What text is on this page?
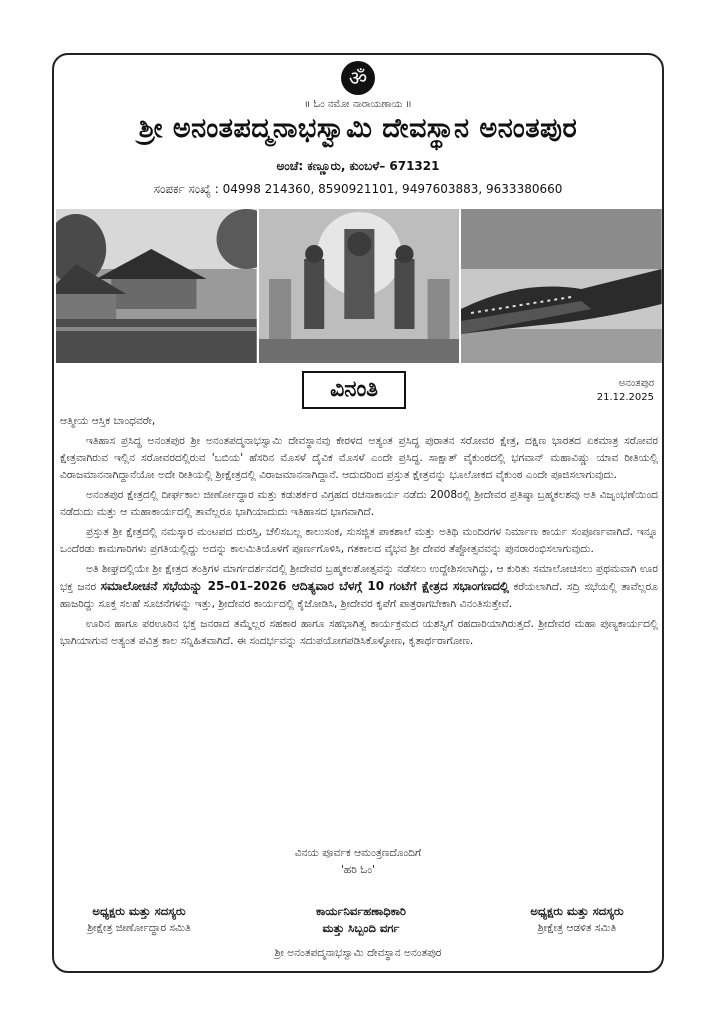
ॐ
॥ ಓಂ ನಮೋ ನಾರಾಯಣಾಯ ॥
ಶ್ರೀ ಅನಂತಪದ್ಮನಾಭಸ್ವಾಮಿ ದೇವಸ್ಥಾನ ಅನಂತಪುರ
ಅಂಚೆ: ಕಣ್ಣೂರು, ಕುಂಬಳೆ– 671321
ಸಂಪರ್ಕ ಸಂಖ್ಯೆ : 04998 214360, 8590921101, 9497603883, 9633380660
ವಿನಂತಿ	ಅನಂತಪುರ
21.12.2025

ಆತ್ಮೀಯ ಆಸ್ತಿಕ ಬಾಂಧವರೇ,

ಇತಿಹಾಸ ಪ್ರಸಿದ್ಧ ಅನಂತಪುರ ಶ್ರೀ ಅನಂತಪದ್ಮನಾಭಸ್ವಾಮಿ ದೇವಸ್ಥಾನವು ಕೇರಳದ ಅತ್ಯಂತ ಪ್ರಸಿದ್ಧ ಪುರಾತನ ಸರೋವರ ಕ್ಷೇತ್ರ, ದಕ್ಷಿಣ ಭಾರತದ ಏಕಮಾತ್ರ ಸರೋವರ ಕ್ಷೇತ್ರವಾಗಿರುವ ಇಲ್ಲಿನ ಸರೋವರದಲ್ಲಿರುವ 'ಬಬಿಯ' ಹೆಸರಿನ ಮೊಸಳೆ ದೈವಿಕ ಮೊಸಳೆ ಎಂದೇ ಪ್ರಸಿದ್ಧ. ಸಾಕ್ಷಾತ್ ವೈಕುಂಠದಲ್ಲಿ ಭಗವಾನ್ ಮಹಾವಿಷ್ಣು ಯಾವ ರೀತಿಯಲ್ಲಿ ವಿರಾಜಮಾನನಾಗಿದ್ದಾನೆಯೋ ಅದೇ ರೀತಿಯಲ್ಲಿ ಶ್ರೀಕ್ಷೇತ್ರದಲ್ಲಿ ವಿರಾಜಮಾನನಾಗಿದ್ದಾನೆ. ಆದುದರಿಂದ ಪ್ರಸ್ತುತ ಕ್ಷೇತ್ರವನ್ನು ಭೂಲೋಕದ ವೈಕುಂಠ ಎಂದೇ ಪೂಜಿಸಲಾಗುವುದು.

ಅನಂತಪುರ ಕ್ಷೇತ್ರದಲ್ಲಿ ದೀರ್ಘಕಾಲ ಜೀರ್ಣೋದ್ಧಾರ ಮತ್ತು ಕಡುಶರ್ಕರ ವಿಗ್ರಹದ ರಚನಾಕಾರ್ಯ ನಡೆದು 2008ರಲ್ಲಿ ಶ್ರೀದೇವರ ಪ್ರತಿಷ್ಠಾ ಬ್ರಹ್ಮಕಲಶವು ಅತಿ ವಿಜೃಂಭಣೆಯಿಂದ ನಡೆದುದು ಮತ್ತು ಆ ಮಹಾಕಾರ್ಯದಲ್ಲಿ ತಾವೆಲ್ಲರೂ ಭಾಗಿಯಾದುದು ಇತಿಹಾಸದ ಭಾಗವಾಗಿದೆ.

ಪ್ರಸ್ತುತ ಶ್ರೀ ಕ್ಷೇತ್ರದಲ್ಲಿ ನಮಸ್ಕಾರ ಮಂಟಪದ ದುರಸ್ತಿ, ಚೆಲಿಸಬಲ್ಲ ಕಾಲುಸಂಕ, ಸುಸಜ್ಜಿತ ಪಾಕಶಾಲೆ ಮತ್ತು ಅತಿಥಿ ಮಂದಿರಗಳ ನಿರ್ಮಾಣ ಕಾರ್ಯ ಸಂಪೂರ್ಣವಾಗಿದೆ. ಇನ್ನೂ ಒಂದೆರಡು ಕಾಮಗಾರಿಗಳು ಪ್ರಗತಿಯಲ್ಲಿದ್ದು ಅದನ್ನು ಕಾಲಮಿತಿಯೊಳಗೆ ಪೂರ್ಣಗೊಳಿಸಿ, ಗತಕಾಲದ ವೈಭವ ಶ್ರೀ ದೇವರ ತೆಪ್ಪೋತ್ಸವವನ್ನು ಪುನರಾರಂಭಿಸಲಾಗುವುದು.

ಅತಿ ಶೀಘ್ರದಲ್ಲಿಯೇ ಶ್ರೀ ಕ್ಷೇತ್ರದ ತಂತ್ರಿಗಳ ಮಾರ್ಗದರ್ಶನದಲ್ಲಿ ಶ್ರೀದೇವರ ಬ್ರಹ್ಮಕಲಶೋತ್ಸವನ್ನು ನಡೆಸಲು ಉದ್ದೇಶಿಸಲಾಗಿದ್ದು, ಆ ಕುರಿತು ಸಮಾಲೋಚಿಸಲು ಪ್ರಥಮವಾಗಿ ಊರ ಭಕ್ತ ಜನರ ಸಮಾಲೋಚನೆ ಸಭೆಯನ್ನು 25–01–2026 ಆದಿತ್ಯವಾರ ಬೆಳಗ್ಗೆ 10 ಗಂಟೆಗೆ ಕ್ಷೇತ್ರದ ಸಭಾಂಗಣದಲ್ಲಿ ಕರೆಯಲಾಗಿದೆ. ಸದ್ರಿ ಸಭೆಯಲ್ಲಿ ತಾವೆಲ್ಲರೂ ಹಾಜರಿದ್ದು ಸೂಕ್ತ ಸಲಹೆ ಸೂಚನೆಗಳನ್ನು ಇತ್ತು, ಶ್ರೀದೇವರ ಕಾರ್ಯದಲ್ಲಿ ಕೈಜೋಡಿಸಿ, ಶ್ರೀದೇವರ ಕೃಪೆಗೆ ಪಾತ್ರರಾಗಬೇಕಾಗಿ ವಿನಂತಿಸುತ್ತೇವೆ.

ಊರಿನ ಹಾಗೂ ಪರಊರಿನ ಭಕ್ತ ಜನರಾದ ತಮ್ಮೆಲ್ಲರ ಸಹಕಾರ ಹಾಗೂ ಸಹಭಾಗಿತ್ವ ಕಾರ್ಯಕ್ರಮದ ಯಶಸ್ವಿಗೆ ರಹದಾರಿಯಾಗಿರುತ್ತದೆ. ಶ್ರೀದೇವರ ಮಹಾ ಪುಣ್ಯಕಾರ್ಯದಲ್ಲಿ ಭಾಗಿಯಾಗುವ ಅತ್ಯಂತ ಪವಿತ್ರ ಕಾಲ ಸನ್ನಿಹಿತವಾಗಿದೆ. ಈ ಸಂದರ್ಭವನ್ನು ಸದುಪಯೋಗಪಡಿಸಿಕೊಳ್ಳೋಣ, ಕೃತಾರ್ಥರಾಗೋಣ.

ವಿನಯ ಪೂರ್ವಕ ಆಮಂತ್ರಣದೊಂದಿಗೆ
'ಹರಿ ಓಂ'
ಅಧ್ಯಕ್ಷರು ಮತ್ತು ಸದಸ್ಯರು
ಶ್ರೀಕ್ಷೇತ್ರ ಜೀರ್ಣೋದ್ಧಾರ ಸಮಿತಿ
ಕಾರ್ಯನಿರ್ವಹಣಾಧಿಕಾರಿ
ಮತ್ತು ಸಿಬ್ಬಂದಿ ವರ್ಗ
ಅಧ್ಯಕ್ಷರು ಮತ್ತು ಸದಸ್ಯರು
ಶ್ರೀಕ್ಷೇತ್ರ ಆಡಳಿತ ಸಮಿತಿ
ಶ್ರೀ ಅನಂತಪದ್ಮನಾಭಸ್ವಾಮಿ ದೇವಸ್ಥಾನ ಅನಂತಪುರ
